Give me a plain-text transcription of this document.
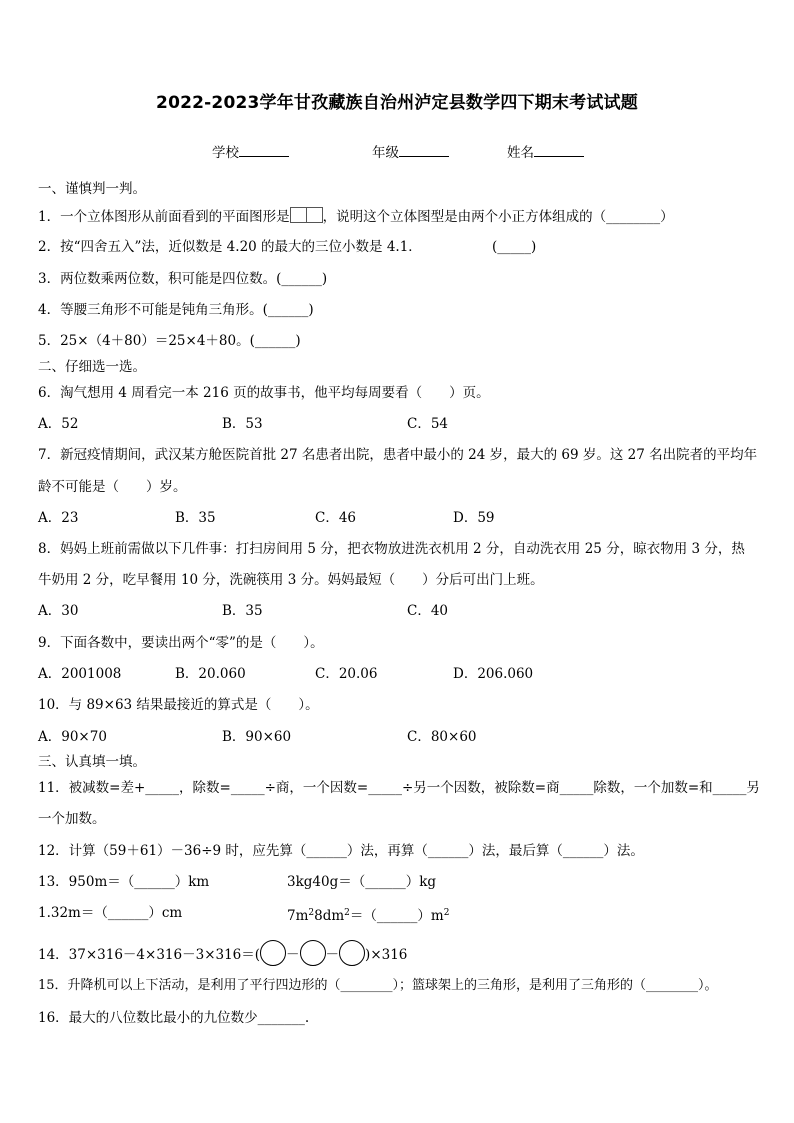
2022-2023学年甘孜藏族自治州泸定县数学四下期末考试试题
学校	年级	姓名
一、谨慎判一判。
1．一个立体图形从前面看到的平面图形是 ，说明这个立体图型是由两个小正方体组成的（________）
2．按“四舍五入”法，近似数是 4.20 的最大的三位小数是 4.1．	(_____)
3．两位数乘两位数，积可能是四位数。(______)
4．等腰三角形不可能是钝角三角形。(______)
5．25×（4＋80）＝25×4＋80。(______)
二、仔细选一选。
6．淘气想用 4 周看完一本 216 页的故事书，他平均每周要看（　　）页。
A．52	B．53	C．54
7．新冠疫情期间，武汉某方舱医院首批 27 名患者出院，患者中最小的 24 岁，最大的 69 岁。这 27 名出院者的平均年
龄不可能是（　　）岁。
A．23	B．35	C．46	D．59
8．妈妈上班前需做以下几件事：打扫房间用 5 分，把衣物放进洗衣机用 2 分，自动洗衣用 25 分，晾衣物用 3 分，热
牛奶用 2 分，吃早餐用 10 分，洗碗筷用 3 分。妈妈最短（　　）分后可出门上班。
A．30	B．35	C．40
9．下面各数中，要读出两个“零”的是（　　）。
A．2001008	B．20.060	C．20.06	D．206.060
10．与 89×63 结果最接近的算式是（　　）。
A．90×70	B．90×60	C．80×60
三、认真填一填。
11．被减数=差+_____，除数=_____÷商，一个因数=_____÷另一个因数，被除数=商_____除数，一个加数=和_____另
一个加数。
12．计算（59＋61）－36÷9 时，应先算（______）法，再算（______）法，最后算（______）法。
13．950m＝（______）km	3kg40g＝（______）kg
1.32m＝（______）cm	$7m^28dm^2=(\_\_\_\_\_\_)m^2$
14．37×316－4×316－3×316＝( － － )×316
15．升降机可以上下活动，是利用了平行四边形的（________）；篮球架上的三角形，是利用了三角形的（________）。
16．最大的八位数比最小的九位数少_______.
